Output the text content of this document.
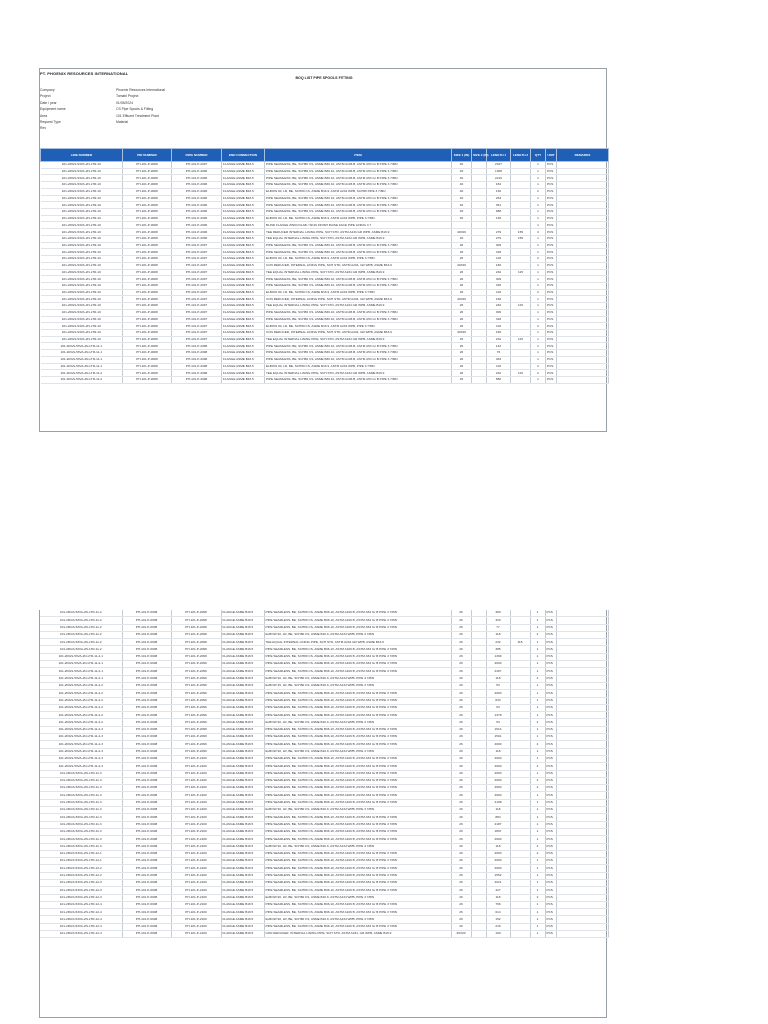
PT. PHOENIX RESOURCES INTERNATIONAL
BOQ LIST PIPE SPOOLS FITTING
Company	Phoenix Resources International
Project	Tomabi Project
Date / year	01/05/2024
Equipment name	CS Pipe Spools & Fitting
Area	101 Effluent Treatment Plant
Request Type	Material
Rev
LINE NUMBER	PID NUMBER	DWG NUMBER	END CONNECTION	ITEM	SIZE 1 (IN)	SIZE 2 (IN)	LENGTH 1	LENGTH 2	QTY	UNIT	REMARKS
101-2RGS-53VA-2N-LTR-10	PH-101-P-0008	PH-101-P-2097	FLANGE ASME B16.5	PIPE SEAMLESS, BE, SCH80 CS, ASME B36.10, ASTM A106 B, ASTM A53 Gr B PIPE 3 7/8IN	40		2327		1	PCS	
101-2RGS-53VA-2N-LTR-10	PH-101-P-0008	PH-101-P-2096	FLANGE ASME B16.5	PIPE SEAMLESS, BE, SCH80 CS, ASME B36.10, ASTM A106 B, ASTM A53 Gr B PIPE 3 7/8IN	40		1308		1	PCS	
101-2RGS-53VA-2N-LTR-10	PH-101-P-0008	PH-101-P-2096	FLANGE ASME B16.5	PIPE SEAMLESS, BE, SCH80 CS, ASME B36.10, ASTM A106 B, ASTM A53 Gr B PIPE 3 7/8IN	40		2216		1	PCS	
101-2RGS-53VA-2N-LTR-10	PH-101-P-0008	PH-101-P-2096	FLANGE ASME B16.5	PIPE SEAMLESS, BE, SCH80 CS, ASME B36.10, ASTM A106 B, ASTM A53 Gr B PIPE 3 7/8IN	40		184		1	PCS	
101-2RGS-53VA-2N-LTR-10	PH-101-P-0008	PH-101-P-2096	FLANGE ASME B16.5	ELBOW 90, LR, BE, SCH80 CS, ASME B16.9, ASTM A234 WPB, SCH80 PIPE 3 7/8IN	40		130		2	PCS	
101-2RGS-53VA-2N-LTR-10	PH-101-P-0008	PH-101-P-2096	FLANGE ASME B16.5	PIPE SEAMLESS, BE, SCH80 CS, ASME B36.10, ASTM A106 B, ASTM A53 Gr B PIPE 3 7/8IN	40		263		1	PCS	
101-2RGS-53VA-2N-LTR-10	PH-101-P-0008	PH-101-P-2096	FLANGE ASME B16.5	PIPE SEAMLESS, BE, SCH80 CS, ASME B36.10, ASTM A106 B, ASTM A53 Gr B PIPE 3 7/8IN	40		351		1	PCS	
101-2RGS-53VA-2N-LTR-10	PH-101-P-0008	PH-101-P-2096	FLANGE ASME B16.5	PIPE SEAMLESS, BE, SCH80 CS, ASME B36.10, ASTM A106 B, ASTM A53 Gr B PIPE 3 7/8IN	40		988		1	PCS	
101-2RGS-53VA-2N-LTR-10	PH-101-P-0008	PH-101-P-2096	FLANGE ASME B16.5	ELBOW 90, LR, BE, SCH80 CS, ASME B16.9, ASTM A234 WPB, PIPE 3 7/8IN	40		130		1	PCS	
101-2RGS-53VA-2N-LTR-10	PH-101-P-0008	PH-101-P-2096	FLANGE ASME B16.5	BLIND FLANGE ZINKCOLAB / SK29 FINISH RAISE FACE PIPE LINING 3 7					1	PCS	
101-2RGS-53VA-2N-LTR-10	PH-101-P-0008	PH-101-P-2096	FLANGE ASME B16.5	TEE REDUCER INTERNAL LINING PIPE, SCH STD, ASTM A234 GR WPB, ASME B16.9	40X26		279	155	3	PCS	
101-2RGS-53VA-2N-LTR-10	PH-101-P-0008	PH-101-P-2096	FLANGE ASME B16.5	TEE EQUAL INTERNAL LINING PIPE, SCH STD, ASTM A234 GR WPB, ASME B16.9	40		279	155	1	PCS	
101-2RGS-53VA-2N-LTR-10	PH-101-P-0008	PH-101-P-2097	FLANGE ASME B16.5	PIPE SEAMLESS, BE, SCH80 CS, ASME B36.10, ASTM A106 B, ASTM A53 Gr B PIPE 3 7/8IN	26		309		1	PCS	
101-2RGS-53VA-2N-LTR-10	PH-101-P-0008	PH-101-P-2097	FLANGE ASME B16.5	PIPE SEAMLESS, BE, SCH80 CS, ASME B36.10, ASTM A106 B, ASTM A53 Gr B PIPE 3 7/8IN	26		318		1	PCS	
101-2RGS-53VA-2N-LTR-10	PH-101-P-0008	PH-101-P-2097	FLANGE ASME B16.5	ELBOW 90, LR, BE, SCH80 CS, ASME B16.9, ASTM A234 WPB, PIPE 3 7/8IN	26		118		2	PCS	
101-2RGS-53VA-2N-LTR-10	PH-101-P-0008	PH-101-P-2097	FLANGE ASME B16.5	CON REDUCER, INTERNAL LINING PIPE, SCH STD, ASTM A234, GR WPB, ASME B16.9	40X26		160		1	PCS	
101-2RGS-53VA-2N-LTR-10	PH-101-P-0008	PH-101-P-2097	FLANGE ASME B16.5	TEE EQUAL INTERNAL LINING PIPE, SCH STD, ASTM A234 GR WPB, ASME B16.9	26		232	115	1	PCS	
101-2RGS-53VA-2N-LTR-10	PH-101-P-0008	PH-101-P-2097	FLANGE ASME B16.5	PIPE SEAMLESS, BE, SCH80 CS, ASME B36.10, ASTM A106 B, ASTM A53 Gr B PIPE 3 7/8IN	26		309		1	PCS	
101-2RGS-53VA-2N-LTR-10	PH-101-P-0008	PH-101-P-2097	FLANGE ASME B16.5	PIPE SEAMLESS, BE, SCH80 CS, ASME B36.10, ASTM A106 B, ASTM A53 Gr B PIPE 3 7/8IN	26		318		1	PCS	
101-2RGS-53VA-2N-LTR-10	PH-101-P-0008	PH-101-P-2097	FLANGE ASME B16.5	ELBOW 90, LR, BE, SCH80 CS, ASME B16.9, ASTM A234 WPB, PIPE 3 7/8IN	26		118		2	PCS	
101-2RGS-53VA-2N-LTR-10	PH-101-P-0008	PH-101-P-2097	FLANGE ASME B16.5	CON REDUCER, INTERNAL LINING PIPE, SCH STD, ASTM A234, GR WPB, ASME B16.9	40X26		160		1	PCS	
101-2RGS-53VA-2N-LTR-10	PH-101-P-0008	PH-101-P-2097	FLANGE ASME B16.5	TEE EQUAL INTERNAL LINING PIPE, SCH STD, ASTM A234 GR WPB, ASME B16.9	26		232	115	1	PCS	
101-2RGS-53VA-2N-LTR-10	PH-101-P-0008	PH-101-P-2097	FLANGE ASME B16.5	PIPE SEAMLESS, BE, SCH80 CS, ASME B36.10, ASTM A106 B, ASTM A53 Gr B PIPE 3 7/8IN	26		309		1	PCS	
101-2RGS-53VA-2N-LTR-10	PH-101-P-0008	PH-101-P-2097	FLANGE ASME B16.5	PIPE SEAMLESS, BE, SCH80 CS, ASME B36.10, ASTM A106 B, ASTM A53 Gr B PIPE 3 7/8IN	26		318		1	PCS	
101-2RGS-53VA-2N-LTR-10	PH-101-P-0008	PH-101-P-2097	FLANGE ASME B16.5	ELBOW 90, LR, BE, SCH80 CS, ASME B16.9, ASTM A234 WPB, PIPE 3 7/8IN	26		118		2	PCS	
101-2RGS-53VA-2N-LTR-10	PH-101-P-0008	PH-101-P-2097	FLANGE ASME B16.5	CON REDUCER, INTERNAL LINING PIPE, SCH STD, ASTM A234, GR WPB, ASME B16.9	40X26		160		1	PCS	
101-2RGS-53VA-2N-LTR-10	PH-101-P-0008	PH-101-P-2097	FLANGE ASME B16.5	TEE EQUAL INTERNAL LINING PIPE, SCH STD, ASTM A234 GR WPB, ASME B16.9	26		232	115	1	PCS	
101-2RGS-53VA-2N-LTR-11-1	PH-101-P-0008	PH-101-P-2098	FLANGE ASME B16.5	PIPE SEAMLESS, BE, SCH80 CS, ASME B36.10, ASTM A106 B, ASTM A53 Gr B PIPE 3 7/8IN	26		142		1	PCS	
101-2RGS-53VA-2N-LTR-11-1	PH-101-P-0008	PH-101-P-2098	FLANGE ASME B16.5	PIPE SEAMLESS, BE, SCH80 CS, ASME B36.10, ASTM A106 B, ASTM A53 Gr B PIPE 3 7/8IN	26		76		1	PCS	
101-2RGS-53VA-2N-LTR-11-1	PH-101-P-0008	PH-101-P-2098	FLANGE ASME B16.5	PIPE SEAMLESS, BE, SCH80 CS, ASME B36.10, ASTM A106 B, ASTM A53 Gr B PIPE 3 7/8IN	26		463		1	PCS	
101-2RGS-53VA-2N-LTR-11-1	PH-101-P-0008	PH-101-P-2098	FLANGE ASME B16.5	ELBOW 90, LR, BE, SCH80 CS, ASME B16.9, ASTM A234 WPB, PIPE 3 7/8IN	26		118		2	PCS	
101-2RGS-53VA-2N-LTR-11-2	PH-101-P-0008	PH-101-P-2098	FLANGE ASME B16.5	TEE EQUAL INTERNAL LINING PIPE, SCH STD, ASTM A234 GR WPB, ASME B16.9	26		232	115	2	PCS	
101-2RGS-53VA-2N-LTR-11-2	PH-101-P-0008	PH-101-P-2098	FLANGE ASME B16.5	PIPE SEAMLESS, BE, SCH80 CS, ASME B36.10, ASTM A106 B, ASTM A53 Gr B PIPE 3 7/8IN	26		586		1	PCS	
101-2RGS-53VA-2N-LTR-11-2	PH-101-P-0008	PH-101-P-2098	FLANGE ASME B16.5	PIPE SEAMLESS, BE, SCH80 CS, ASME B36.10, ASTM A106 B, ASTM A53 Gr B PIPE 3 7/8IN	26		480		1	PCS	
101-2RGS-53VA-2N-LTR-11-2	PH-101-P-0008	PH-101-P-2098	FLANGE ASME B16.5	PIPE SEAMLESS, BE, SCH80 CS, ASME B36.10, ASTM A106 B, ASTM A53 Gr B PIPE 3 7/8IN	26		320		1	PCS	
101-2RGS-53VA-2N-LTR-11-2	PH-101-P-0008	PH-101-P-2098	FLANGE ASME B16.5	PIPE SEAMLESS, BE, SCH80 CS, ASME B36.10, ASTM A106 B, ASTM A53 Gr B PIPE 3 7/8IN	26		77		1	PCS	
101-2RGS-53VA-2N-LTR-11-2	PH-101-P-0008	PH-101-P-2098	FLANGE ASME B16.5	ELBOW 90, LR, BE, SCH80 CS, ASME B16.9, ASTM A234 WPB, PIPE 3 7/8IN	26		118		2	PCS	
101-2RGS-53VA-2N-LTR-11-2	PH-101-P-0008	PH-101-P-2098	FLANGE ASME B16.5	TEE EQUAL INTERNAL LINING PIPE, SCH STD, ASTM A234 GR WPB, ASME B16.9	26		232	115	1	PCS	
101-2RGS-53VA-2N-LTR-11-2	PH-101-P-0008	PH-101-P-2098	FLANGE ASME B16.5	PIPE SEAMLESS, BE, SCH80 CS, ASME B36.10, ASTM A106 B, ASTM A53 Gr B PIPE 3 7/8IN	26		385		1	PCS	
101-2RGS-53VA-2N-LTR-11-2-1	PH-101-P-0008	PH-101-P-2098	FLANGE ASME B16.5	PIPE SEAMLESS, BE, SCH80 CS, ASME B36.10, ASTM A106 B, ASTM A53 Gr B PIPE 3 7/8IN	26		1399		1	PCS	
101-2RGS-53VA-2N-LTR-11-2-1	PH-101-P-0008	PH-101-P-2099	FLANGE ASME B16.5	PIPE SEAMLESS, BE, SCH80 CS, ASME B36.10, ASTM A106 B, ASTM A53 Gr B PIPE 3 7/8IN	26		2000		1	PCS	
101-2RGS-53VA-2N-LTR-11-2-1	PH-101-P-0008	PH-101-P-2099	FLANGE ASME B16.5	PIPE SEAMLESS, BE, SCH80 CS, ASME B36.10, ASTM A106 B, ASTM A53 Gr B PIPE 3 7/8IN	26		2467		1	PCS	
101-2RGS-53VA-2N-LTR-11-2-1	PH-101-P-0008	PH-101-P-2099	FLANGE ASME B16.5	ELBOW 90, LR, BE, SCH80 CS, ASME B16.9, ASTM A234 WPB, PIPE 3 7/8IN	26		118		2	PCS	
101-2RGS-53VA-2N-LTR-11-2-2	PH-101-P-0008	PH-101-P-2099	FLANGE ASME B16.5	ELBOW 45, LR, BE, SCH80 CS, ASME B16.9, ASTM A234 WPB, PIPE 3 7/8IN	26		53		1	PCS	
101-2RGS-53VA-2N-LTR-11-2-2	PH-101-P-0008	PH-101-P-2099	FLANGE ASME B16.5	PIPE SEAMLESS, BE, SCH80 CS, ASME B36.10, ASTM A106 B, ASTM A53 Gr B PIPE 3 7/8IN	26		2000		1	PCS	
101-2RGS-53VA-2N-LTR-11-2-2	PH-101-P-0008	PH-101-P-2099	FLANGE ASME B16.5	PIPE SEAMLESS, BE, SCH80 CS, ASME B36.10, ASTM A106 B, ASTM A53 Gr B PIPE 3 7/8IN	26		843		1	PCS	
101-2RGS-53VA-2N-LTR-11-2-2	PH-101-P-0008	PH-101-P-2099	FLANGE ASME B16.5	PIPE SEAMLESS, BE, SCH80 CS, ASME B36.10, ASTM A106 B, ASTM A53 Gr B PIPE 3 7/8IN	26		63		1	PCS	
101-2RGS-53VA-2N-LTR-11-2-2	PH-101-P-0008	PH-101-P-2099	FLANGE ASME B16.5	PIPE SEAMLESS, BE, SCH80 CS, ASME B36.10, ASTM A106 B, ASTM A53 Gr B PIPE 3 7/8IN	26		1378		1	PCS	
101-2RGS-53VA-2N-LTR-11-2-2	PH-101-P-0008	PH-101-P-2099	FLANGE ASME B16.5	ELBOW 90, LR, BE, SCH80 CS, ASME B16.9, ASTM A234 WPB, PIPE 3 7/8IN	26		53		2	PCS	
101-2RGS-53VA-2N-LTR-11-2-3	PH-101-P-0008	PH-101-P-2099	FLANGE ASME B16.5	PIPE SEAMLESS, BE, SCH80 CS, ASME B36.10, ASTM A106 B, ASTM A53 Gr B PIPE 3 7/8IN	26		1514		1	PCS	
101-2RGS-53VA-2N-LTR-11-2-3	PH-101-P-0008	PH-101-P-2099	FLANGE ASME B16.5	PIPE SEAMLESS, BE, SCH80 CS, ASME B36.10, ASTM A106 B, ASTM A53 Gr B PIPE 3 7/8IN	26		1501		1	PCS	
101-2RGS-53VA-2N-LTR-11-2-3	PH-101-P-0008	PH-101-P-2099	FLANGE ASME B16.5	PIPE SEAMLESS, BE, SCH80 CS, ASME B36.10, ASTM A106 B, ASTM A53 Gr B PIPE 3 7/8IN	26		2000		2	PCS	
101-2RGS-53VA-2N-LTR-11-2-3	PH-101-P-0008	PH-101-P-2099	FLANGE ASME B16.5	ELBOW 90, LR, BE, SCH80 CS, ASME B16.9, ASTM A234 WPB, PIPE 3 7/8IN	26		118		1	PCS	
101-2RGS-53VA-2N-LTR-11-2-3	PH-101-P-0008	PH-101-P-2100	FLANGE ASME B16.5	PIPE SEAMLESS, BE, SCH80 CS, ASME B36.10, ASTM A106 B, ASTM A53 Gr B PIPE 3 7/8IN	26		2000		1	PCS	
101-2RGS-53VA-2N-LTR-11-2-3	PH-101-P-0008	PH-101-P-2100	FLANGE ASME B16.5	PIPE SEAMLESS, BE, SCH80 CS, ASME B36.10, ASTM A106 B, ASTM A53 Gr B PIPE 3 7/8IN	26		2000		2	PCS	
101-2RGS-53VA-2N-LTR-11-3	PH-101-P-0008	PH-101-P-2100	FLANGE ASME B16.5	PIPE SEAMLESS, BE, SCH80 CS, ASME B36.10, ASTM A106 B, ASTM A53 Gr B PIPE 3 7/8IN	26		2000		1	PCS	
101-2RGS-53VA-2N-LTR-11-3	PH-101-P-0008	PH-101-P-2100	FLANGE ASME B16.5	PIPE SEAMLESS, BE, SCH80 CS, ASME B36.10, ASTM A106 B, ASTM A53 Gr B PIPE 3 7/8IN	26		2000		2	PCS	
101-2RGS-53VA-2N-LTR-11-3	PH-101-P-0008	PH-101-P-2100	FLANGE ASME B16.5	PIPE SEAMLESS, BE, SCH80 CS, ASME B36.10, ASTM A106 B, ASTM A53 Gr B PIPE 3 7/8IN	26		2000		2	PCS	
101-2RGS-53VA-2N-LTR-11-3	PH-101-P-0008	PH-101-P-2100	FLANGE ASME B16.5	PIPE SEAMLESS, BE, SCH80 CS, ASME B36.10, ASTM A106 B, ASTM A53 Gr B PIPE 3 7/8IN	26		2000		1	PCS	
101-2RGS-53VA-2N-LTR-11-3	PH-101-P-0008	PH-101-P-2100	FLANGE ASME B16.5	PIPE SEAMLESS, BE, SCH80 CS, ASME B36.10, ASTM A106 B, ASTM A53 Gr B PIPE 3 7/8IN	26		2108		1	PCS	
101-2RGS-53VA-2N-LTR-11-3	PH-101-P-0008	PH-101-P-2100	FLANGE ASME B16.5	ELBOW 90, LR, BE, SCH80 CS, ASME B16.9, ASTM A234 WPB, PIPE 3 7/8IN	26		118		1	PCS	
101-2RGS-53VA-2N-LTR-11-3	PH-101-P-0008	PH-101-P-2100	FLANGE ASME B16.5	PIPE SEAMLESS, BE, SCH80 CS, ASME B36.10, ASTM A106 B, ASTM A53 Gr B PIPE 3 7/8IN	26		884		1	PCS	
101-2RGS-53VA-2N-LTR-11-3	PH-101-P-0008	PH-101-P-2100	FLANGE ASME B16.5	PIPE SEAMLESS, BE, SCH80 CS, ASME B36.10, ASTM A106 B, ASTM A53 Gr B PIPE 3 7/8IN	26		2187		1	PCS	
101-2RGS-53VA-2N-LTR-11-3	PH-101-P-0008	PH-101-P-2100	FLANGE ASME B16.5	PIPE SEAMLESS, BE, SCH80 CS, ASME B36.10, ASTM A106 B, ASTM A53 Gr B PIPE 3 7/8IN	26		1897		1	PCS	
101-2RGS-53VA-2N-LTR-11-3	PH-101-P-0008	PH-101-P-2100	FLANGE ASME B16.5	PIPE SEAMLESS, BE, SCH80 CS, ASME B36.10, ASTM A106 B, ASTM A53 Gr B PIPE 3 7/8IN	26		2000		1	PCS	
101-2RGS-53VA-2N-LTR-11-3	PH-101-P-0008	PH-101-P-2100	FLANGE ASME B16.5	ELBOW 90, LR, BE, SCH80 CS, ASME B16.9, ASTM A234 WPB, PIPE 3 7/8IN	26		118		2	PCS	
101-2RGS-53VA-2N-LTR-12-1	PH-101-P-0008	PH-101-P-2100	FLANGE ASME B16.5	PIPE SEAMLESS, BE, SCH80 CS, ASME B36.10, ASTM A106 B, ASTM A53 Gr B PIPE 3 7/8IN	26		2000		2	PCS	
101-2RGS-53VA-2N-LTR-12-1	PH-101-P-0008	PH-101-P-2100	FLANGE ASME B16.5	PIPE SEAMLESS, BE, SCH80 CS, ASME B36.10, ASTM A106 B, ASTM A53 Gr B PIPE 3 7/8IN	26		2000		1	PCS	
101-2RGS-53VA-2N-LTR-12-2	PH-101-P-0008	PH-101-P-2100	FLANGE ASME B16.5	PIPE SEAMLESS, BE, SCH80 CS, ASME B36.10, ASTM A106 B, ASTM A53 Gr B PIPE 3 7/8IN	26		2000		1	PCS	
101-2RGS-53VA-2N-LTR-12-2	PH-101-P-0008	PH-101-P-2100	FLANGE ASME B16.5	PIPE SEAMLESS, BE, SCH80 CS, ASME B36.10, ASTM A106 B, ASTM A53 Gr B PIPE 3 7/8IN	26		1552		1	PCS	
101-2RGS-53VA-2N-LTR-12-3	PH-101-P-0008	PH-101-P-2100	FLANGE ASME B16.5	PIPE SEAMLESS, BE, SCH80 CS, ASME B36.10, ASTM A106 B, ASTM A53 Gr B PIPE 3 7/8IN	26		2021		1	PCS	
101-2RGS-53VA-2N-LTR-12-3	PH-101-P-0008	PH-101-P-2100	FLANGE ASME B16.5	PIPE SEAMLESS, BE, SCH80 CS, ASME B36.10, ASTM A106 B, ASTM A53 Gr B PIPE 3 7/8IN	26		427		1	PCS	
101-2RGS-53VA-2N-LTR-12-3	PH-101-P-0008	PH-101-P-2100	FLANGE ASME B16.5	ELBOW 90, LR, BE, SCH80 CS, ASME B16.9, ASTM A234 WPB, PIPE 3 7/8IN	26		118		2	PCS	
101-2RGS-53VA-2N-LTR-12-4	PH-101-P-0008	PH-101-P-2100	FLANGE ASME B16.5	PIPE SEAMLESS, BE, SCH80 CS, ASME B36.10, ASTM A106 B, ASTM A53 Gr B PIPE 3 7/8IN	26		796		1	PCS	
101-2RGS-53VA-2N-LTR-12-4	PH-101-P-0008	PH-101-P-2100	FLANGE ASME B16.5	PIPE SEAMLESS, BE, SCH80 CS, ASME B36.10, ASTM A106 B, ASTM A53 Gr B PIPE 3 7/8IN	26		614		1	PCS	
101-2RGS-53VA-2N-LTR-12-4	PH-101-P-0008	PH-101-P-2100	FLANGE ASME B16.5	ELBOW 90, LR, BE, SCH80 CS, ASME B16.9, ASTM A234 WPB, PIPE 3 7/8IN	26		152		1	PCS	
101-2RGS-53VA-2N-LTR-12-4	PH-101-P-0008	PH-101-P-2100	FLANGE ASME B16.5	PIPE SEAMLESS, BE, SCH80 CS, ASME B36.10, ASTM A106 B, ASTM A53 Gr B PIPE 3 7/8IN	26		216		1	PCS	
101-2RGS-53VA-2N-LTR-12-4	PH-101-P-0008	PH-101-P-2100	FLANGE ASME B16.5	CON REDUCER, INTERNAL LINING PIPE, SCH STD, ASTM A234, GR WPB, ASME B16.9	26X20		160		1	PCS	
